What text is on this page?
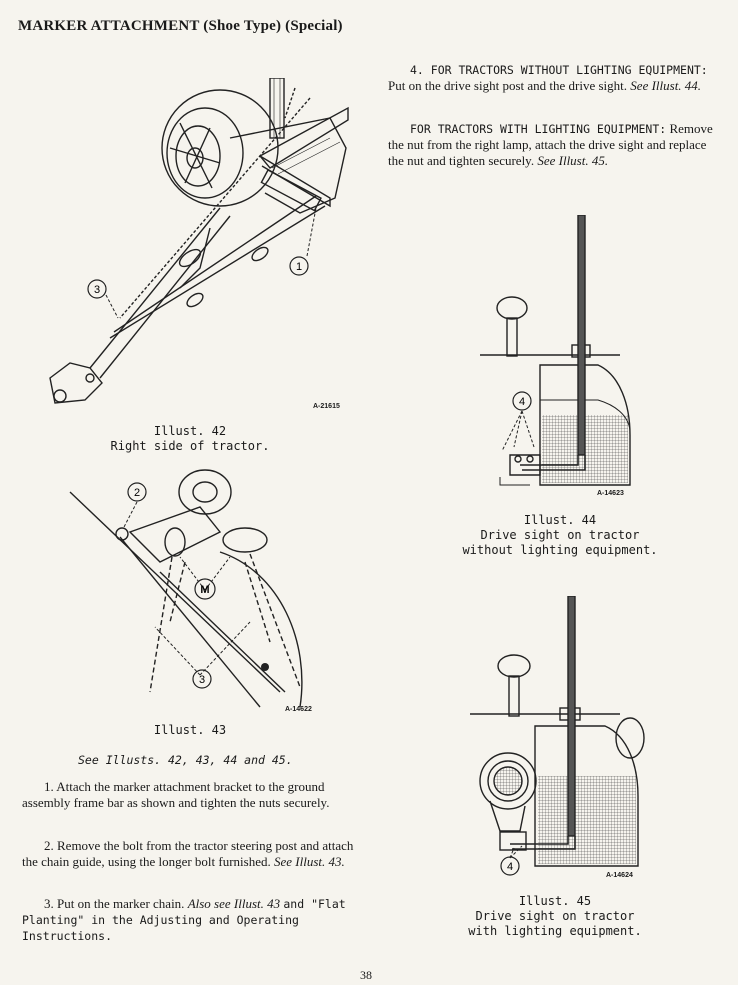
MARKER ATTACHMENT (Shoe Type) (Special)
1
3
A-21615
Illust. 42
Right side of tractor.
2
M
3
A-14622
Illust. 43

See Illusts. 42, 43, 44 and 45.

1. Attach the marker attachment bracket to the ground assembly frame bar as shown and tighten the nuts securely.

2. Remove the bolt from the tractor steering post and attach the chain guide, using the longer bolt furnished. See Illust. 43.

3. Put on the marker chain. Also see Illust. 43 and "Flat Planting" in the Adjusting and Operating Instructions.

4. FOR TRACTORS WITHOUT LIGHTING EQUIPMENT: Put on the drive sight post and the drive sight. See Illust. 44.

FOR TRACTORS WITH LIGHTING EQUIPMENT: Remove the nut from the right lamp, attach the drive sight and replace the nut and tighten securely. See Illust. 45.

4
A-14623
Illust. 44
Drive sight on tractor
without lighting equipment.
4
A-14624
Illust. 45
Drive sight on tractor
with lighting equipment.
38
